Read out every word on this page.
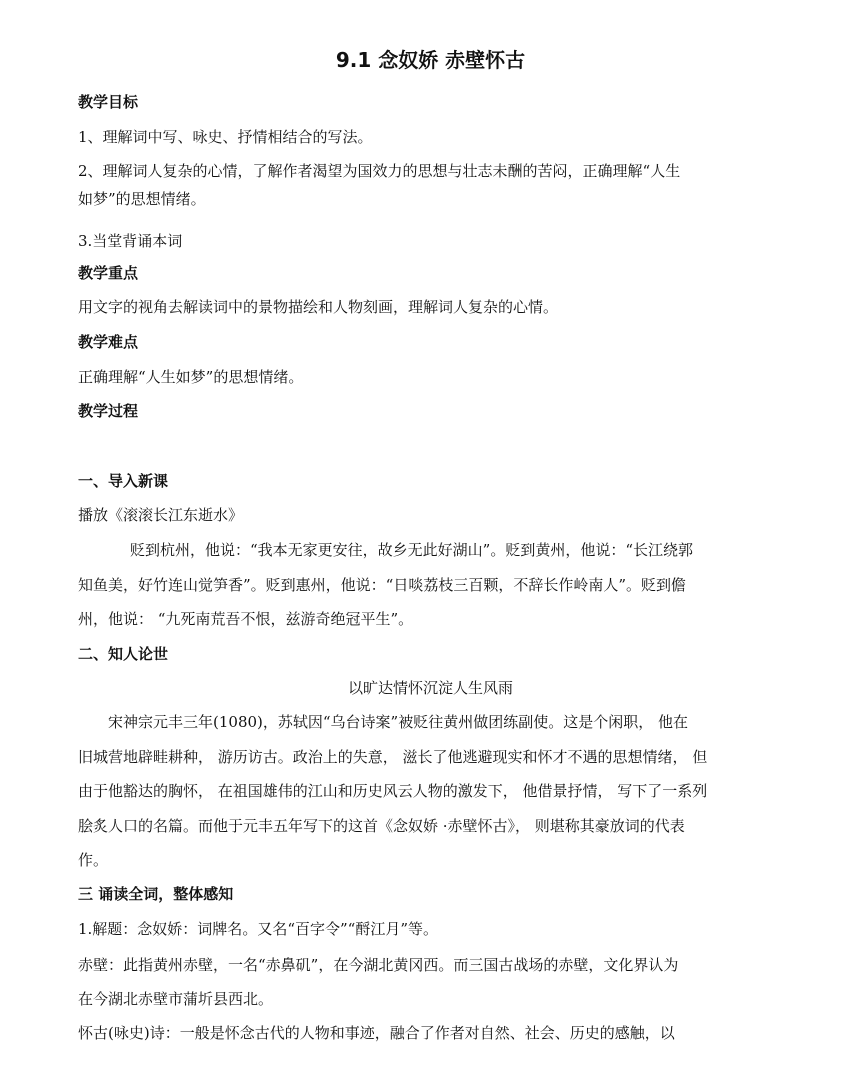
9.1 念奴娇 赤壁怀古
教学目标
1、理解词中写、咏史、抒情相结合的写法。
2、理解词人复杂的心情，了解作者渴望为国效力的思想与壮志未酬的苦闷，正确理解“人生
如梦”的思想情绪。
3.当堂背诵本词
教学重点
用文字的视角去解读词中的景物描绘和人物刻画，理解词人复杂的心情。
教学难点
正确理解“人生如梦”的思想情绪。
教学过程
一、导入新课
播放《滚滚长江东逝水》
贬到杭州，他说：“我本无家更安往，故乡无此好湖山”。贬到黄州，他说：“长江绕郭
知鱼美，好竹连山觉笋香”。贬到惠州，他说：“日啖荔枝三百颗，不辞长作岭南人”。贬到儋
州，他说： “九死南荒吾不恨，兹游奇绝冠平生”。
二、知人论世
以旷达情怀沉淀人生风雨
宋神宗元丰三年(1080)，苏轼因“乌台诗案”被贬往黄州做团练副使。这是个闲职， 他在
旧城营地辟畦耕种， 游历访古。政治上的失意， 滋长了他逃避现实和怀才不遇的思想情绪， 但
由于他豁达的胸怀， 在祖国雄伟的江山和历史风云人物的激发下， 他借景抒情， 写下了一系列
脍炙人口的名篇。而他于元丰五年写下的这首《念奴娇 ·赤壁怀古》， 则堪称其豪放词的代表
作。
三 诵读全词，整体感知
1.解题：念奴娇：词牌名。又名“百字令”“酹江月”等。
赤壁：此指黄州赤壁，一名“赤鼻矶”，在今湖北黄冈西。而三国古战场的赤壁，文化界认为
在今湖北赤壁市蒲圻县西北。
怀古(咏史)诗：一般是怀念古代的人物和事迹，融合了作者对自然、社会、历史的感触，以
